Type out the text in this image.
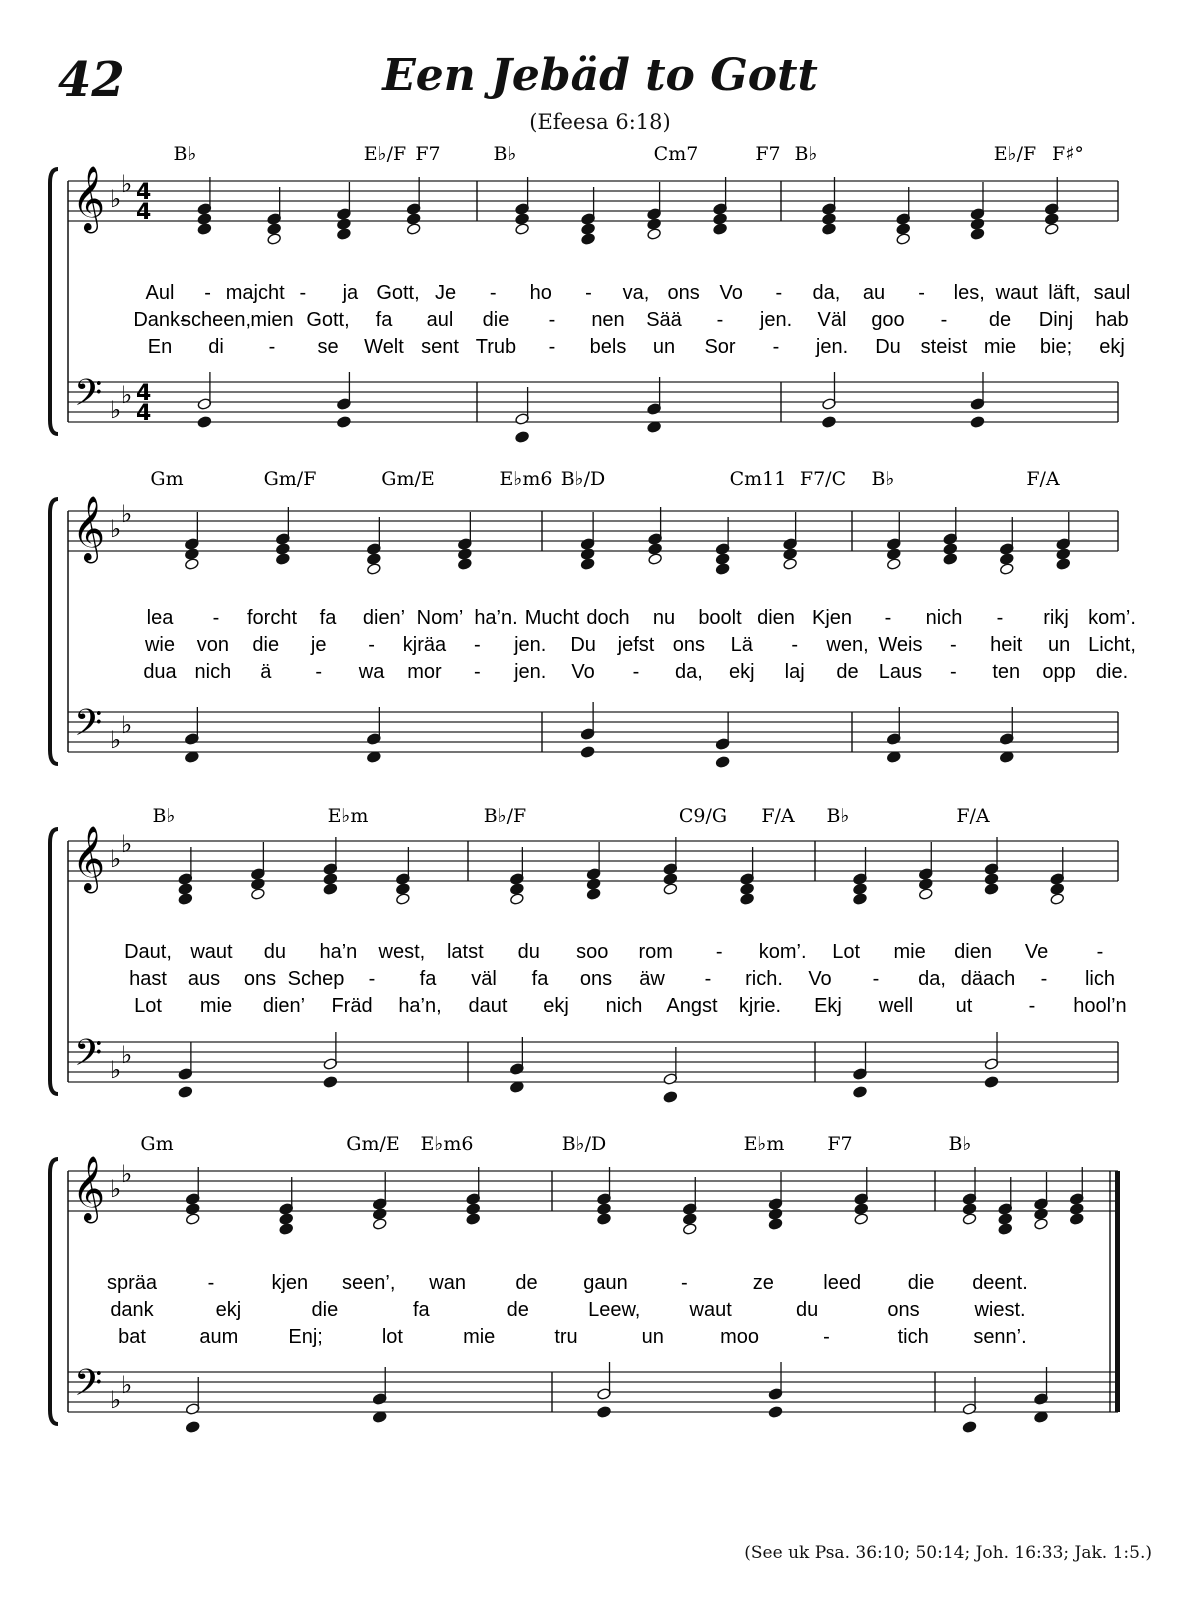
42	Een Jebäd to Gott
(Efeesa 6:18)
𝄞 ♭
♭ 4
4
𝄢 ♭
♭ 4
4
B♭	E♭/F F7	B♭	Cm7	F7 B♭	E♭/F F♯°
Aul - majcht - ja Gott, Je - ho - va, ons Vo - da, au - les, waut läft, saul
Dank-
scheen, mien Gott, fa aul die - nen Sää - jen. Väl goo - de Dinj hab
En di - se Welt sent Trub - bels un Sor - jen. Du steist mie bie; ekj
𝄞 ♭
♭
𝄢 ♭
♭
Gm	Gm/F	Gm/E	E♭m6 B♭/D	Cm11 F7/C B♭	F/A
lea - forcht fa dien’ Nom’ ha’n. Mucht doch nu boolt dien Kjen - nich - rikj kom’.
wie von die je - kjräa - jen. Du jefst ons Lä - wen, Weis - heit un Licht,
dua nich ä - wa mor - jen. Vo - da, ekj laj de Laus - ten opp die.
𝄞 ♭
♭
𝄢 ♭
♭
B♭	E♭m	B♭/F	C9/G F/A B♭	F/A
Daut, waut du ha’n west, latst du soo rom - kom’. Lot mie dien Ve -
hast aus ons Schep - fa väl fa ons äw - rich. Vo - da, däach - lich
Lot mie dien’ Fräd ha’n, daut ekj nich Angst kjrie. Ekj well ut	- hool’n
𝄞 ♭
♭
𝄢 ♭
♭
Gm	Gm/E E♭m6	B♭/D	E♭m F7	B♭
spräa	-	kjen seen’, wan de gaun	-	ze leed die deent.
dank	ekj	die	fa	de	Leew, waut	du	ons	wiest.
bat	aum	Enj;	lot	mie	tru	un	moo	-	tich senn’.
(See uk Psa. 36:10; 50:14; Joh. 16:33; Jak. 1:5.)
